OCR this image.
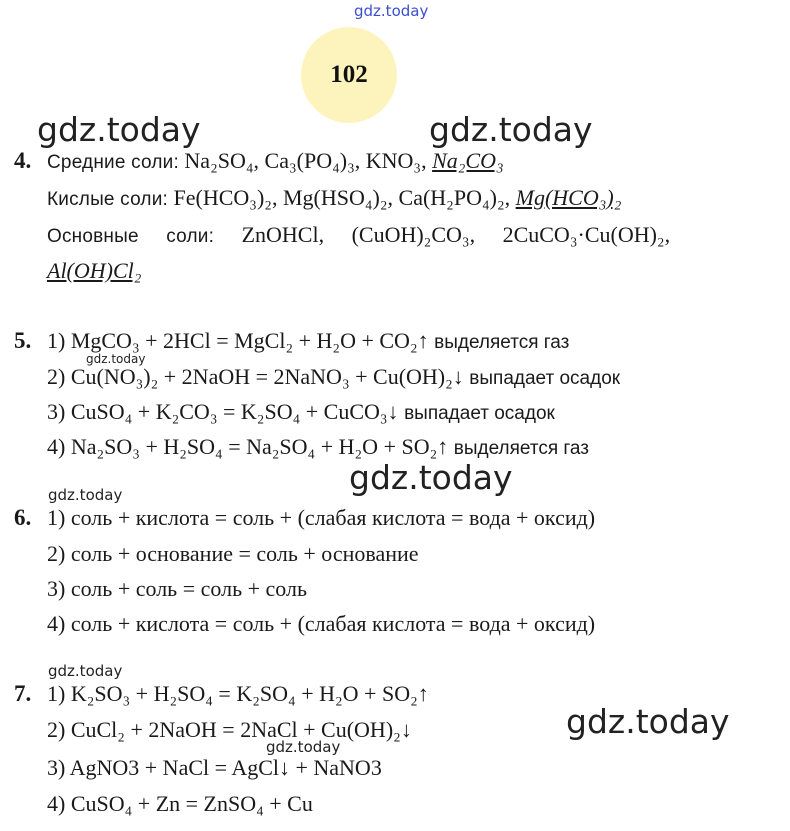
gdz.today
gdz.today	gdz.today
gdz.today
gdz.today
gdz.today
gdz.today
gdz.today
gdz.today
102
4. Средние соли: Na₂SO₄, Ca₃(PO₄)₃, KNO₃, Na₂CO₃
Кислые соли: Fe(HCO₃)₂, Mg(HSO₄)₂, Ca(H₂PO₄)₂, Mg(HCO₃)₂
Основные соли: ZnOHCl, (CuOH)₂CO₃, 2CuCO₃·Cu(OH)₂,
Al(OH)Cl₂
5. 1) MgCO₃ + 2HCl = MgCl₂ + H₂O + CO₂↑ выделяется газ
2) Cu(NO₃)₂ + 2NaOH = 2NaNO₃ + Cu(OH)₂↓ выпадает осадок
3) CuSO₄ + K₂CO₃ = K₂SO₄ + CuCO₃↓ выпадает осадок
4) Na₂SO₃ + H₂SO₄ = Na₂SO₄ + H₂O + SO₂↑ выделяется газ
6. 1) соль + кислота = соль + (слабая кислота = вода + оксид)
2) соль + основание = соль + основание
3) соль + соль = соль + соль
4) соль + кислота = соль + (слабая кислота = вода + оксид)
7. 1) K₂SO₃ + H₂SO₄ = K₂SO₄ + H₂O + SO₂↑
2) CuCl₂ + 2NaOH = 2NaCl + Cu(OH)₂↓
3) AgNO3 + NaCl = AgCl↓ + NaNO3
4) CuSO₄ + Zn = ZnSO₄ + Cu
